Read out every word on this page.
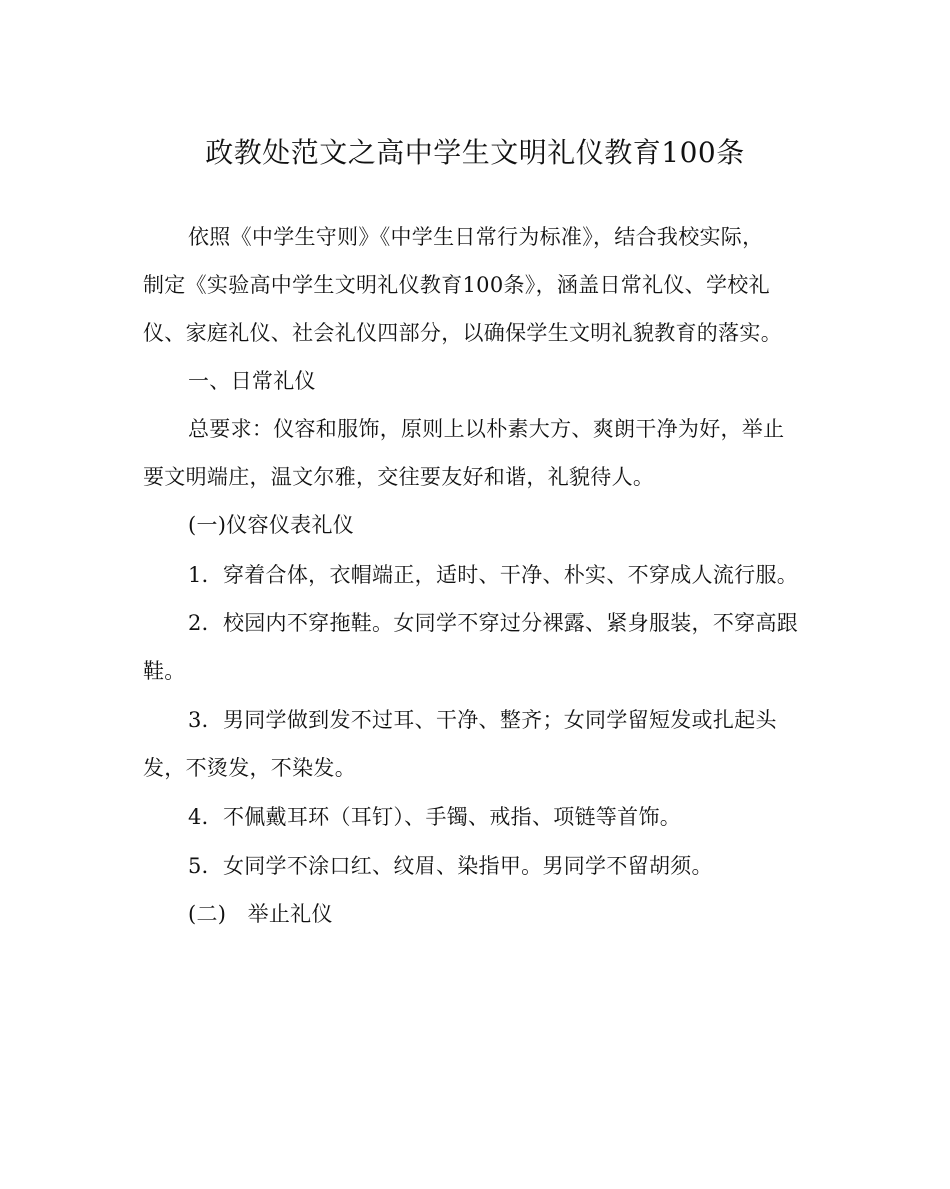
政教处范文之高中学生文明礼仪教育100条
依照《中学生守则》《中学生日常行为标准》，结合我校实际，
制定《实验高中学生文明礼仪教育100条》，涵盖日常礼仪、学校礼
仪、家庭礼仪、社会礼仪四部分，以确保学生文明礼貌教育的落实。
一、日常礼仪
总要求：仪容和服饰，原则上以朴素大方、爽朗干净为好，举止
要文明端庄，温文尔雅，交往要友好和谐，礼貌待人。
(一)仪容仪表礼仪
1．穿着合体，衣帽端正，适时、干净、朴实、不穿成人流行服。
2．校园内不穿拖鞋。女同学不穿过分裸露、紧身服装，不穿高跟
鞋。
3．男同学做到发不过耳、干净、整齐；女同学留短发或扎起头
发，不烫发，不染发。
4．不佩戴耳环（耳钉）、手镯、戒指、项链等首饰。
5．女同学不涂口红、纹眉、染指甲。男同学不留胡须。
(二)　举止礼仪
